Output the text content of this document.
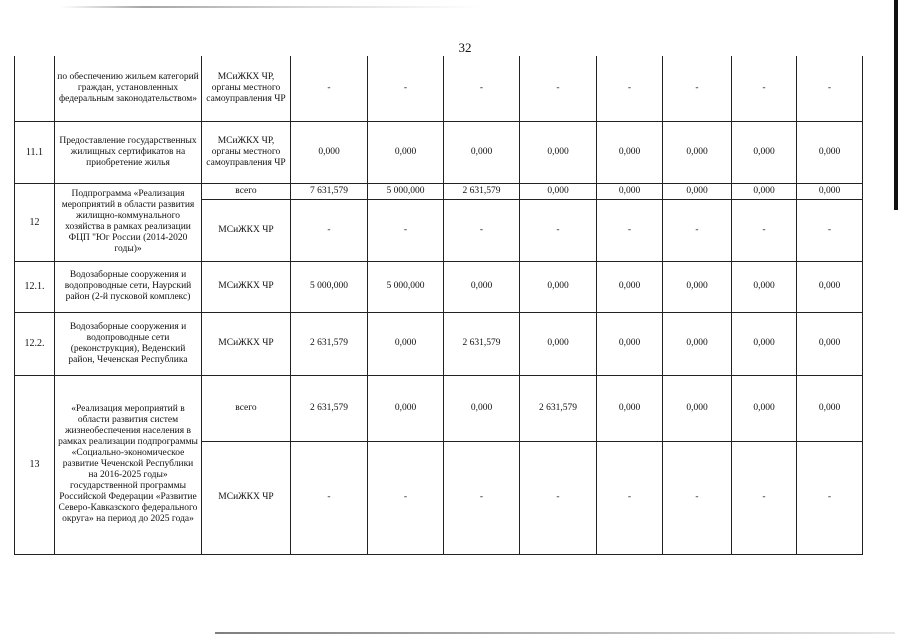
32
	по обеспечению жильем категорий граждан, установленных федеральным законодательством»	МСиЖКХ ЧР, органы местного самоуправления ЧР	-	-	-	-	-	-	-	-
11.1	Предоставление государственных жилищных сертификатов на приобретение жилья	МСиЖКХ ЧР, органы местного самоуправления ЧР	0,000	0,000	0,000	0,000	0,000	0,000	0,000	0,000
12	Подпрограмма «Реализация мероприятий в области развития жилищно-коммунального хозяйства в рамках реализации ФЦП "Юг России (2014-2020 годы)»	всего	7 631,579	5 000,000	2 631,579	0,000	0,000	0,000	0,000	0,000
		МСиЖКХ ЧР	-	-	-	-	-	-	-	-
12.1.	Водозаборные сооружения и водопроводные сети, Наурский район (2-й пусковой комплекс)	МСиЖКХ ЧР	5 000,000	5 000,000	0,000	0,000	0,000	0,000	0,000	0,000
12.2.	Водозаборные сооружения и водопроводные сети (реконструкция), Веденский район, Чеченская Республика	МСиЖКХ ЧР	2 631,579	0,000	2 631,579	0,000	0,000	0,000	0,000	0,000
13	«Реализация мероприятий в области развития систем жизнеобеспечения населения в рамках реализации подпрограммы «Социально-экономическое развитие Чеченской Республики на 2016-2025 годы» государственной программы Российской Федерации «Развитие Северо-Кавказского федерального округа» на период до 2025 года»	всего	2 631,579	0,000	0,000	2 631,579	0,000	0,000	0,000	0,000
		МСиЖКХ ЧР	-	-	-	-	-	-	-	-
